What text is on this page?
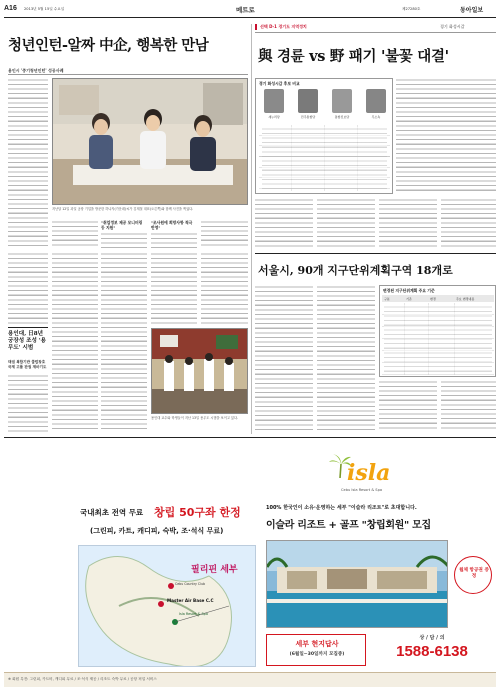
A16 2013년 5월 15일 수요일	메트로	제27280호	동아일보
청년인턴-알짜 中企, 행복한 만남
용인시 '중기청년인턴' 성공사례
지난달 12일 과일 공장 기업을 방문한 하나자(가운데)씨가 김재철 대표(오른쪽)와 함께 사진을 찍었다.
"취업정보 제공 모니터링 등 지원"
"조사원에 희망사항 적극 반영"
용인대, 日8년 궁장성 조성 '용무도' 시범
태권 복합기반 클럽창호 국제 고품 판권 제마기도
용인대 교수와 학생들이 지난 13일 용무도 시범을 보이고 있다.
선택 D-1 경기도 지역정치	경기 화성시갑
與 경륜 vs 野 패기 '불꽃 대결'
경기 화성시갑 후보 비교
새누리당	민주통합당	통합진보당	무소속
서울시, 90개 지구단위계획구역 18개로
변경된 지구단위계획 주요 기준
구분	기존	변경	주요 변경내용
국내최초 전역 무료 창립 50구좌 한정
(그린피, 카트, 캐디피, 숙박, 조·석식 무료)
필리핀 세부
Cebu Country Club
Master Air Base C.C
Isla Resort & Spa
isla
Cebu Isla Resort & Spa
100% 한국인이 소유·운영하는 세부 "이슬라 리조트"로 초대합니다.
이슬라 리조트 + 골프 "창립회원" 모집
월체 항공권 증정
세부 현지답사
(6월일~30일까지 모집중)
상 / 담 / 의
1588-6138
※ 회원 특전: 그린피, 카트비, 캐디피 무료 / 조·석식 제공 / 리조트 숙박 무료 / 공항 픽업 서비스
